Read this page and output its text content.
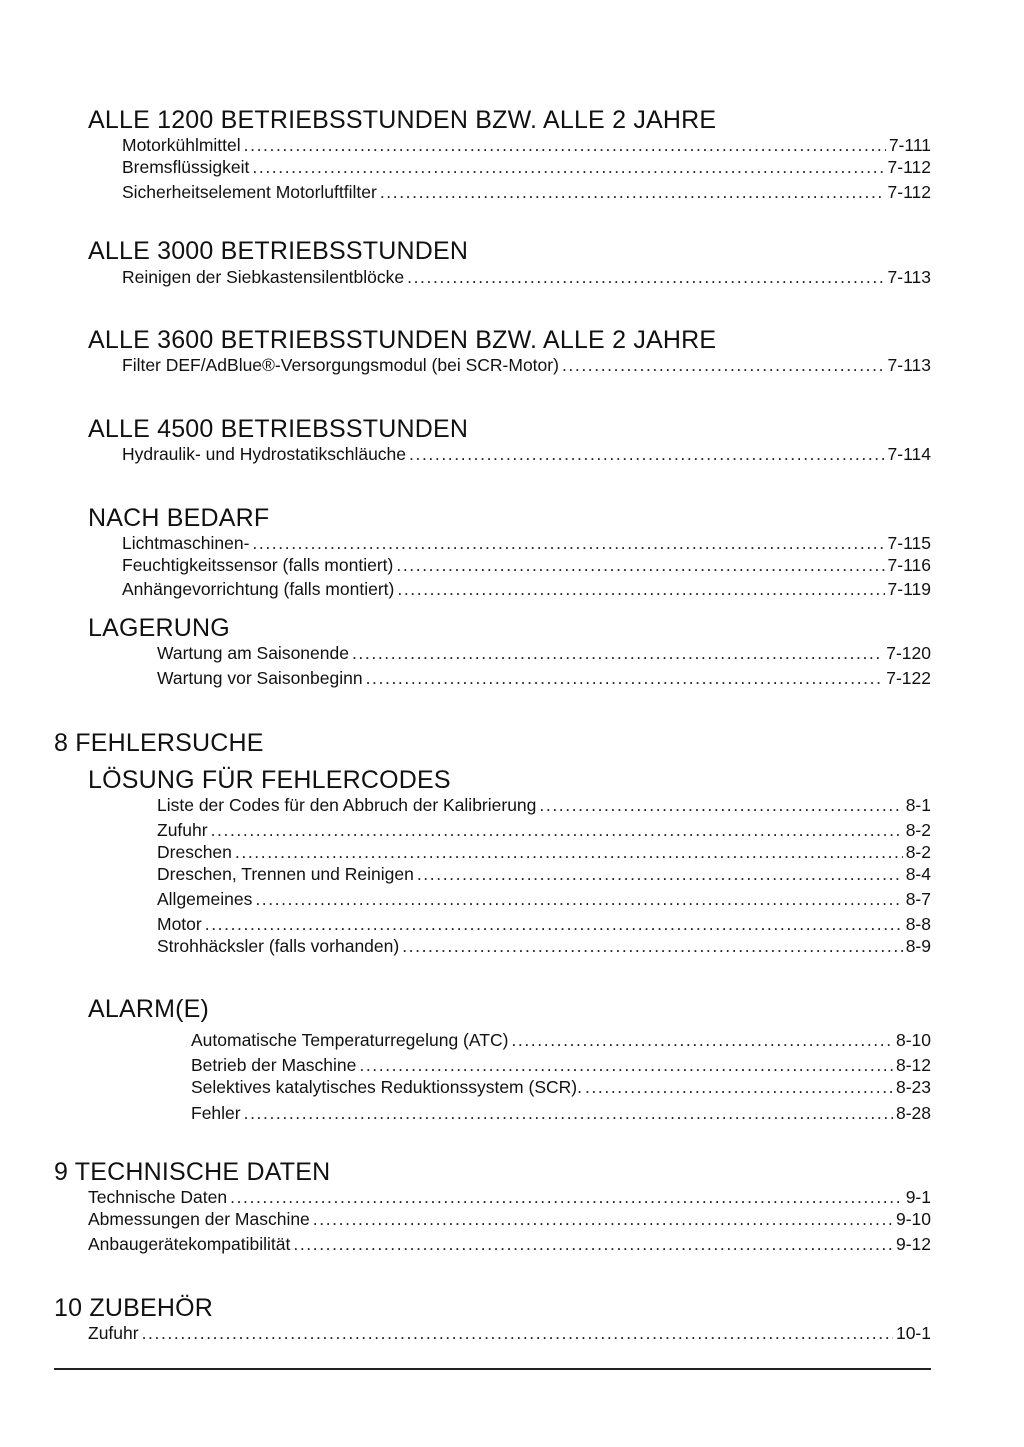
ALLE 1200 BETRIEBSSTUNDEN BZW. ALLE 2 JAHRE
Motorkühlmittel .....	7-111
Bremsflüssigkeit .....	7-112
Sicherheitselement Motorluftfilter .....	7-112
ALLE 3000 BETRIEBSSTUNDEN
Reinigen der Siebkastensilentblöcke .....	7-113
ALLE 3600 BETRIEBSSTUNDEN BZW. ALLE 2 JAHRE
Filter DEF/AdBlue®-Versorgungsmodul (bei SCR-Motor) .....	7-113
ALLE 4500 BETRIEBSSTUNDEN
Hydraulik- und Hydrostatikschläuche .....	7-114
NACH BEDARF
Lichtmaschinen- .....	7-115
Feuchtigkeitssensor (falls montiert) .....	7-116
Anhängevorrichtung (falls montiert) .....	7-119
LAGERUNG
Wartung am Saisonende .....	7-120
Wartung vor Saisonbeginn .....	7-122
8 FEHLERSUCHE
LÖSUNG FÜR FEHLERCODES
Liste der Codes für den Abbruch der Kalibrierung .....	8-1
Zufuhr .....	8-2
Dreschen .....	8-2
Dreschen, Trennen und Reinigen .....	8-4
Allgemeines .....	8-7
Motor .....	8-8
Strohhäcksler (falls vorhanden) .....	8-9
ALARM(E)
Automatische Temperaturregelung (ATC) .....	8-10
Betrieb der Maschine .....	8-12
Selektives katalytisches Reduktionssystem (SCR). .....	8-23
Fehler .....	8-28
9 TECHNISCHE DATEN
Technische Daten .....	9-1
Abmessungen der Maschine .....	9-10
Anbaugerätekompatibilität .....	9-12
10 ZUBEHÖR
Zufuhr .....	10-1
